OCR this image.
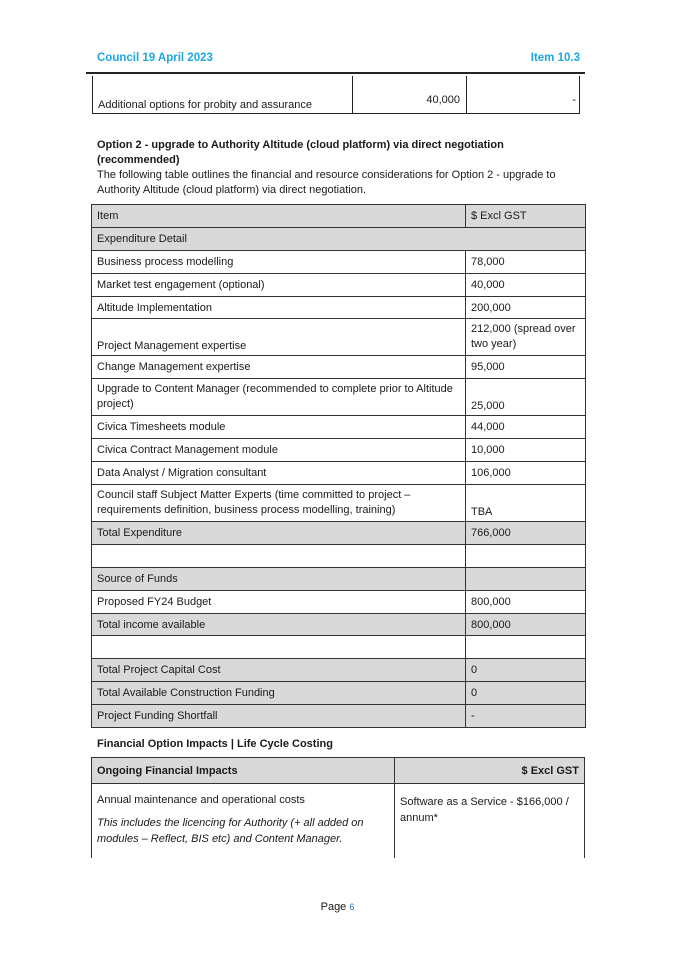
Council 19 April 2023	Item 10.3
Additional options for probity and assurance	40,000	-
Option 2 - upgrade to Authority Altitude (cloud platform) via direct negotiation (recommended)
The following table outlines the financial and resource considerations for Option 2 - upgrade to Authority Altitude (cloud platform) via direct negotiation.
Item	$ Excl GST
Expenditure Detail	
Business process modelling	78,000
Market test engagement (optional)	40,000
Altitude Implementation	200,000
Project Management expertise	212,000 (spread over two year)
Change Management expertise	95,000
Upgrade to Content Manager (recommended to complete prior to Altitude project)	25,000
Civica Timesheets module	44,000
Civica Contract Management module	10,000
Data Analyst / Migration consultant	106,000
Council staff Subject Matter Experts (time committed to project – requirements definition, business process modelling, training)	TBA
Total Expenditure	766,000

Source of Funds	
Proposed FY24 Budget	800,000
Total income available	800,000

Total Project Capital Cost	0
Total Available Construction Funding	0
Project Funding Shortfall	-
Financial Option Impacts | Life Cycle Costing
Ongoing Financial Impacts	$ Excl GST

Annual maintenance and operational costs
This includes the licencing for Authority (+ all added on modules – Reflect, BIS etc) and Content Manager.	Software as a Service - $166,000 / annum*
Page 6
